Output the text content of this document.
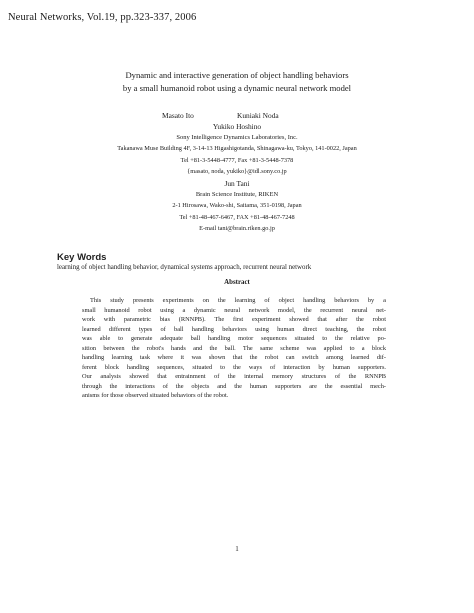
Neural Networks, Vol.19, pp.323-337, 2006
Dynamic and interactive generation of object handling behaviors
by a small humanoid robot using a dynamic neural network model
Masato Ito	Kuniaki Noda
Yukiko Hoshino
Sony Intelligence Dynamics Laboratories, Inc.
Takanawa Muse Building 4F, 3-14-13 Higashigotanda, Shinagawa-ku, Tokyo, 141-0022, Japan
Tel +81-3-5448-4777, Fax +81-3-5448-7378
{masato, noda, yukiko}@idl.sony.co.jp
Jun Tani
Brain Science Institute, RIKEN
2-1 Hirosawa, Wako-shi, Saitama, 351-0198, Japan
Tel +81-48-467-6467, FAX +81-48-467-7248
E-mail tani@brain.riken.go.jp
Key Words
learning of object handling behavior, dynamical systems approach, recurrent neural network
Abstract
This study presents experiments on the learning of object handling behaviors by a
small humanoid robot using a dynamic neural network model, the recurrent neural net-
work with parametric bias (RNNPB). The first experiment showed that after the robot
learned different types of ball handling behaviors using human direct teaching, the robot
was able to generate adequate ball handling motor sequences situated to the relative po-
sition between the robot's hands and the ball. The same scheme was applied to a block
handling learning task where it was shown that the robot can switch among learned dif-
ferent block handling sequences, situated to the ways of interaction by human supporters.
Our analysis showed that entrainment of the internal memory structures of the RNNPB
through the interactions of the objects and the human supporters are the essential mech-
anisms for those observed situated behaviors of the robot.
1
